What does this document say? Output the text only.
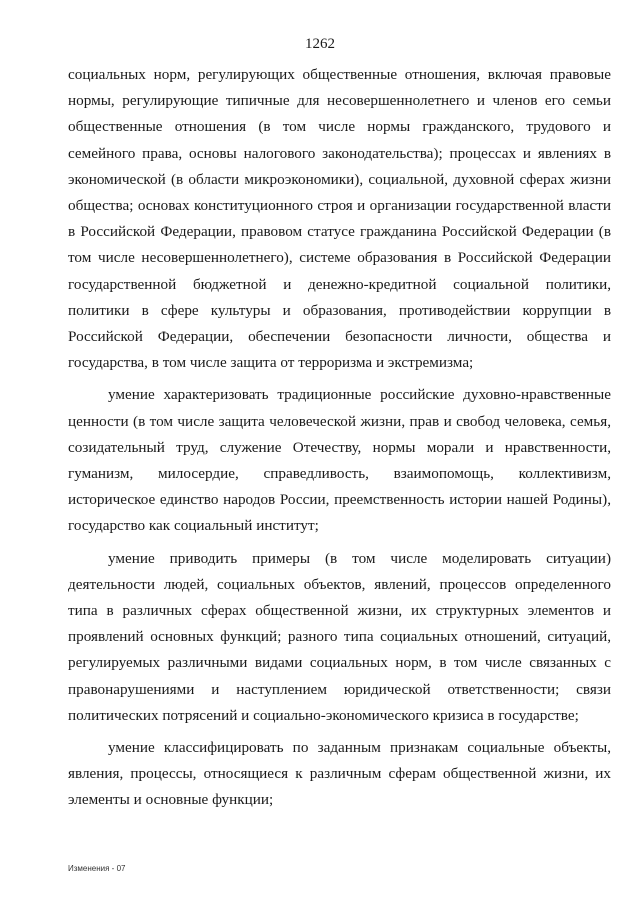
1262

социальных норм, регулирующих общественные отношения, включая правовые нормы, регулирующие типичные для несовершеннолетнего и членов его семьи общественные отношения (в том числе нормы гражданского, трудового и семейного права, основы налогового законодательства); процессах и явлениях в экономической (в области микроэкономики), социальной, духовной сферах жизни общества; основах конституционного строя и организации государственной власти в Российской Федерации, правовом статусе гражданина Российской Федерации (в том числе несовершеннолетнего), системе образования в Российской Федерации государственной бюджетной и денежно-кредитной социальной политики, политики в сфере культуры и образования, противодействии коррупции в Российской Федерации, обеспечении безопасности личности, общества и государства, в том числе защита от терроризма и экстремизма;

умение характеризовать традиционные российские духовно-нравственные ценности (в том числе защита человеческой жизни, прав и свобод человека, семья, созидательный труд, служение Отечеству, нормы морали и нравственности, гуманизм, милосердие, справедливость, взаимопомощь, коллективизм, историческое единство народов России, преемственность истории нашей Родины), государство как социальный институт;

умение приводить примеры (в том числе моделировать ситуации) деятельности людей, социальных объектов, явлений, процессов определенного типа в различных сферах общественной жизни, их структурных элементов и проявлений основных функций; разного типа социальных отношений, ситуаций, регулируемых различными видами социальных норм, в том числе связанных с правонарушениями и наступлением юридической ответственности; связи политических потрясений и социально-экономического кризиса в государстве;

умение классифицировать по заданным признакам социальные объекты, явления, процессы, относящиеся к различным сферам общественной жизни, их элементы и основные функции;

Изменения - 07
